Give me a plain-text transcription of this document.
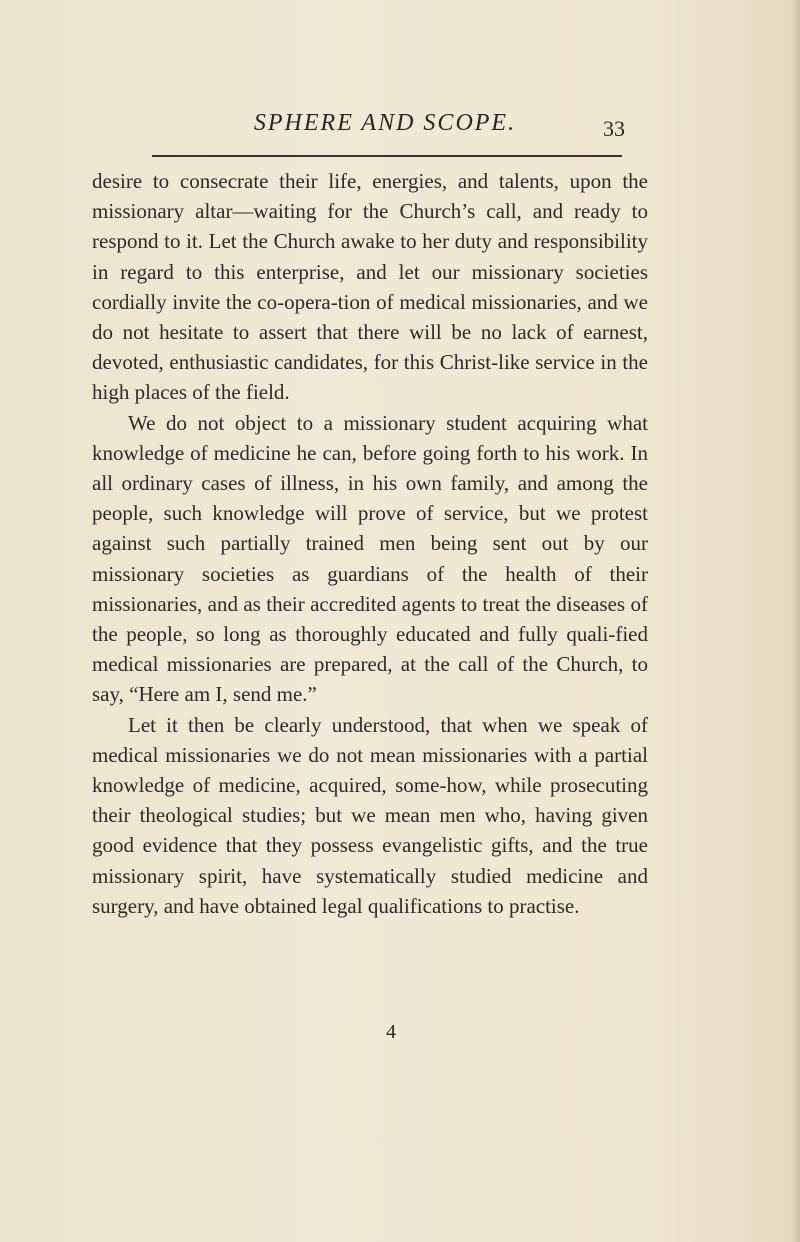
SPHERE AND SCOPE.	33

desire to consecrate their life, energies, and talents, upon the missionary altar—waiting for the Church’s call, and ready to respond to it. Let the Church awake to her duty and responsibility in regard to this enterprise, and let our missionary societies cordially invite the co-opera-tion of medical missionaries, and we do not hesitate to assert that there will be no lack of earnest, devoted, enthusiastic candidates, for this Christ-like service in the high places of the field.

We do not object to a missionary student acquiring what knowledge of medicine he can, before going forth to his work. In all ordinary cases of illness, in his own family, and among the people, such knowledge will prove of service, but we protest against such partially trained men being sent out by our missionary societies as guardians of the health of their missionaries, and as their accredited agents to treat the diseases of the people, so long as thoroughly educated and fully quali-fied medical missionaries are prepared, at the call of the Church, to say, “Here am I, send me.”

Let it then be clearly understood, that when we speak of medical missionaries we do not mean missionaries with a partial knowledge of medicine, acquired, some-how, while prosecuting their theological studies; but we mean men who, having given good evidence that they possess evangelistic gifts, and the true missionary spirit, have systematically studied medicine and surgery, and have obtained legal qualifications to practise.

4
